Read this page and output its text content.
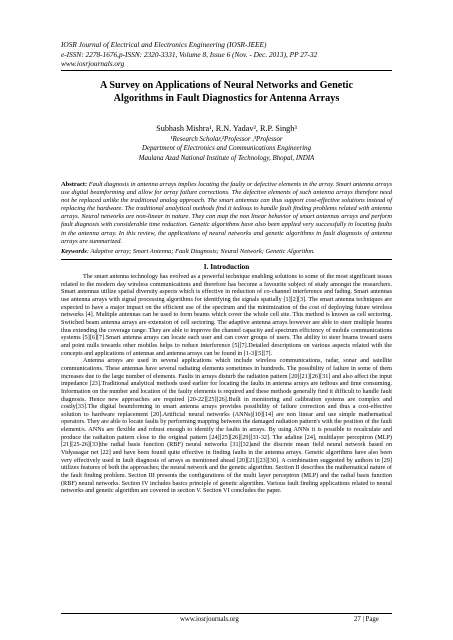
IOSR Journal of Electrical and Electronics Engineering (IOSR-JEEE)
e-ISSN: 2278-1676,p-ISSN: 2320-3331, Volume 8, Issue 6 (Nov. - Dec. 2013), PP 27-32
www.iosrjournals.org
A Survey on Applications of Neural Networks and Genetic
Algorithms in Fault Diagnostics for Antenna Arrays
Subhash Mishra¹, R.N. Yadav², R.P. Singh³
¹Research Scholar,²Professor ,³Professor
Department of Electronics and Communications Engineering
Maulana Azad National Institute of Technology, Bhopal, INDIA
Abstract: Fault diagnosis in antenna arrays implies locating the faulty or defective elements in the array. Smart antenna arrays use digital beamforming and allow for array failure corrections. The defective elements of such antenna arrays therefore need not be replaced unlike the traditional analog approach. The smart antennas can thus support cost-effective solutions instead of replacing the hardware. The traditional analytical methods find it tedious to handle fault finding problems related with antenna arrays. Neural networks are non-linear in nature. They can map the non linear behavior of smart antennas arrays and perform fault diagnosis with considerable time reduction. Genetic algorithms have also been applied very successfully in locating faults in the antenna array. In this review, the applications of neural networks and genetic algorithms in fault diagnosis of antenna arrays are summarized.
Keywords: Adaptive array; Smart Antenna; Fault Diagnosis; Neural Network; Genetic Algorithm.
I. Introduction

The smart antenna technology has evolved as a powerful technique enabling solutions to some of the most significant issues related to the modern day wireless communications and therefore has become a favourite subject of study amongst the researchers. Smart antennas utilize spatial diversity aspects which is effective in reduction of co-channel interference and fading. Smart antennas use antenna arrays with signal processing algorithms for identifying the signals spatially [1][2][3]. The smart antenna techniques are expected to have a major impact on the efficient use of the spectrum and the minimization of the cost of deploying future wireless networks [4]. Multiple antennas can be used to form beams which cover the whole cell site. This method is known as cell sectoring. Switched beam antenna arrays are extension of cell sectoring. The adaptive antenna arrays however are able to steer multiple beams thus extending the coverage range. They are able to improve the channel capacity and spectrum efficiency of mobile communications systems [5][6][7].Smart antenna arrays can locate each user and can cover groups of users. The ability to steer beams toward users and point nulls towards other mobiles helps to reduce interference [5][7].Detailed descriptions on various aspects related with the concepts and applications of antennas and antenna arrays can be found in [1-3][5][7].

Antenna arrays are used in several applications which include wireless communications, radar, sonar and satellite communications. These antennas have several radiating elements sometimes in hundreds. The possibility of failure in some of them increases due to the large number of elements. Faults in arrays disturb the radiation pattern [20][21][26][31] and also affect the input impedance [23].Traditional analytical methods used earlier for locating the faults in antenna arrays are tedious and time consuming. Information on the number and location of the faulty elements is required and these methods generally find it difficult to handle fault diagnosis. Hence new approaches are required [20-22][25][26].Built in monitoring and calibration systems are complex and costly[33].The digital beamforming in smart antenna arrays provides possibility of failure correction and thus a cost-effective solution to hardware replacement [20].Artificial neural networks (ANNs)[10][14] are non linear and use simple mathematical operators. They are able to locate faults by performing mapping between the damaged radiation pattern's with the position of the fault element/s. ANNs are flexible and robust enough to identify the faults in arrays. By using ANNs it is possible to recalculate and produce the radiation pattern close to the original pattern [24][25][26][29][31-32]. The adaline [24], multilayer perceptron (MLP) [21][25-26][33]the radial basis function (RBF) neural networks [31][32]and the discrete mean field neural network based on Vidyasagar net [22] and have been found quite effective in finding faults in the antenna arrays. Genetic algorithms have also been very effectively used in fault diagnosis of arrays as mentioned ahead [20][21][23][30]. A combination suggested by authors in [29] utilizes features of both the approaches; the neural network and the genetic algorithm. Section II describes the mathematical nature of the fault finding problem. Section III presents the configurations of the multi layer perceptron (MLP) and the radial basis function (RBF) neural networks. Section IV includes basics principle of genetic algorithm. Various fault finding applications related to neural networks and genetic algorithm are covered in section V. Section VI concludes the paper.

www.iosrjournals.org	27 | Page
